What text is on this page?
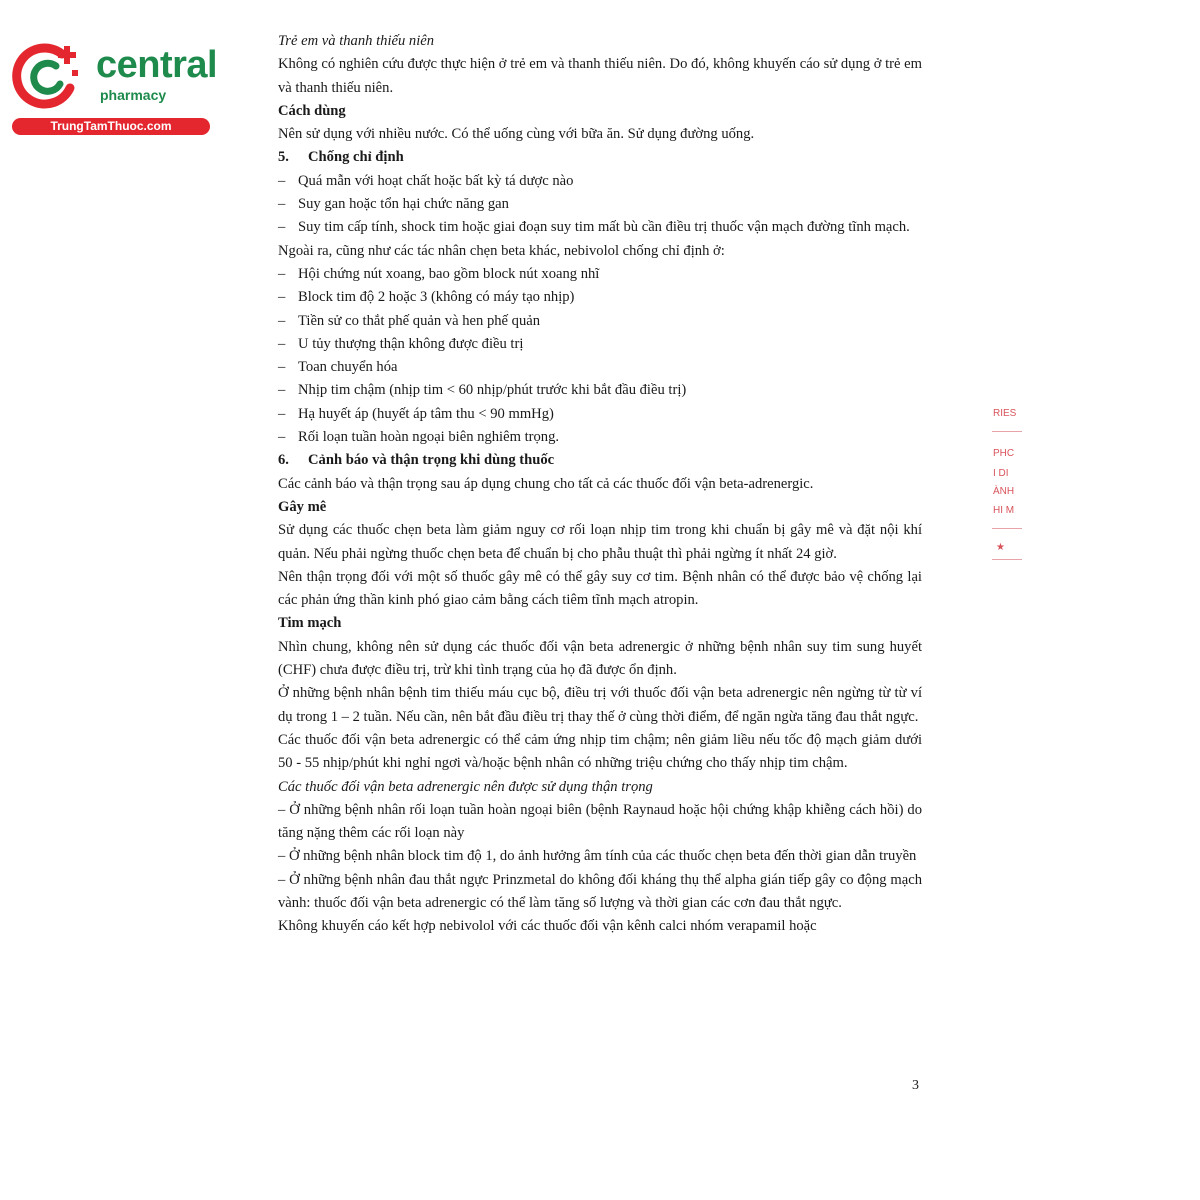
central

pharmacy
TrungTamThuoc.com

Trẻ em và thanh thiếu niên

Không có nghiên cứu được thực hiện ở trẻ em và thanh thiếu niên. Do đó, không khuyến cáo sử dụng ở trẻ em và thanh thiếu niên.

Cách dùng

Nên sử dụng với nhiều nước. Có thể uống cùng với bữa ăn. Sử dụng đường uống.

5. Chống chỉ định

– Quá mẫn với hoạt chất hoặc bất kỳ tá dược nào

– Suy gan hoặc tổn hại chức năng gan

– Suy tim cấp tính, shock tim hoặc giai đoạn suy tim mất bù cần điều trị thuốc vận mạch đường tĩnh mạch.

Ngoài ra, cũng như các tác nhân chẹn beta khác, nebivolol chống chỉ định ở:

– Hội chứng nút xoang, bao gồm block nút xoang nhĩ

– Block tim độ 2 hoặc 3 (không có máy tạo nhịp)

– Tiền sử co thắt phế quản và hen phế quản

– U tủy thượng thận không được điều trị

– Toan chuyển hóa

– Nhịp tim chậm (nhịp tim < 60 nhịp/phút trước khi bắt đầu điều trị)

– Hạ huyết áp (huyết áp tâm thu < 90 mmHg)

– Rối loạn tuần hoàn ngoại biên nghiêm trọng.

6. Cảnh báo và thận trọng khi dùng thuốc

Các cảnh báo và thận trọng sau áp dụng chung cho tất cả các thuốc đối vận beta-adrenergic.

Gây mê

Sử dụng các thuốc chẹn beta làm giảm nguy cơ rối loạn nhịp tim trong khi chuẩn bị gây mê và đặt nội khí quản. Nếu phải ngừng thuốc chẹn beta để chuẩn bị cho phẫu thuật thì phải ngừng ít nhất 24 giờ.

Nên thận trọng đối với một số thuốc gây mê có thể gây suy cơ tim. Bệnh nhân có thể được bảo vệ chống lại các phản ứng thần kinh phó giao cảm bằng cách tiêm tĩnh mạch atropin.

Tim mạch

Nhìn chung, không nên sử dụng các thuốc đối vận beta adrenergic ở những bệnh nhân suy tim sung huyết (CHF) chưa được điều trị, trừ khi tình trạng của họ đã được ổn định.

Ở những bệnh nhân bệnh tim thiếu máu cục bộ, điều trị với thuốc đối vận beta adrenergic nên ngừng từ từ ví dụ trong 1 – 2 tuần. Nếu cần, nên bắt đầu điều trị thay thế ở cùng thời điểm, để ngăn ngừa tăng đau thắt ngực.

Các thuốc đối vận beta adrenergic có thể cảm ứng nhịp tim chậm; nên giảm liều nếu tốc độ mạch giảm dưới 50 - 55 nhịp/phút khi nghỉ ngơi và/hoặc bệnh nhân có những triệu chứng cho thấy nhịp tim chậm.

Các thuốc đối vận beta adrenergic nên được sử dụng thận trọng

– Ở những bệnh nhân rối loạn tuần hoàn ngoại biên (bệnh Raynaud hoặc hội chứng khập khiễng cách hồi) do tăng nặng thêm các rối loạn này

– Ở những bệnh nhân block tim độ 1, do ảnh hưởng âm tính của các thuốc chẹn beta đến thời gian dẫn truyền

– Ở những bệnh nhân đau thắt ngực Prinzmetal do không đối kháng thụ thể alpha gián tiếp gây co động mạch vành: thuốc đối vận beta adrenergic có thể làm tăng số lượng và thời gian các cơn đau thắt ngực.

Không khuyến cáo kết hợp nebivolol với các thuốc đối vận kênh calci nhóm verapamil hoặc

3
RIES
PHC
I DI
ÀNH
HI M
★
